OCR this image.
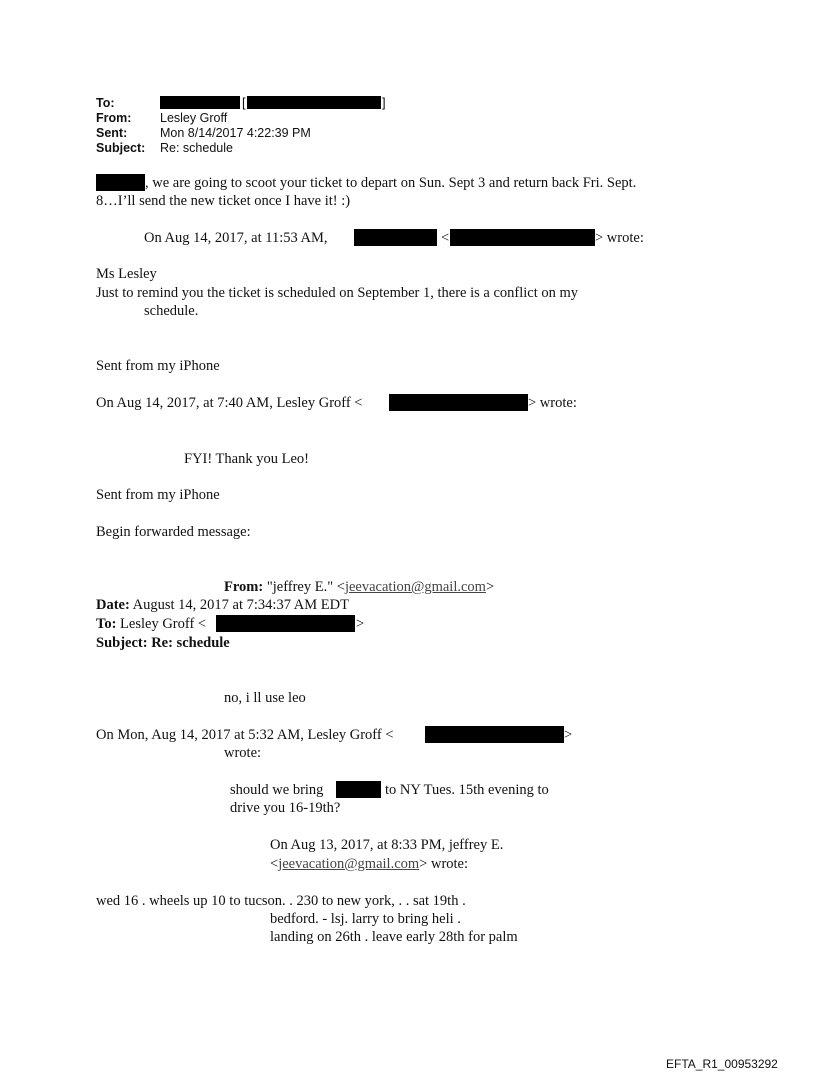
To:	[	]
From: Lesley Groff
Sent:	Mon 8/14/2017 4:22:39 PM
Subject: Re: schedule
, we are going to scoot your ticket to depart on Sun. Sept 3 and return back Fri. Sept.
8…I’ll send the new ticket once I have it! :)
On Aug 14, 2017, at 11:53 AM,	<	> wrote:
Ms Lesley
Just to remind you the ticket is scheduled on September 1, there is a conflict on my
schedule.
Sent from my iPhone
On Aug 14, 2017, at 7:40 AM, Lesley Groff <	> wrote:
FYI! Thank you Leo!
Sent from my iPhone
Begin forwarded message:
From: "jeffrey E." <jeevacation@gmail.com>
Date: August 14, 2017 at 7:34:37 AM EDT
To: Lesley Groff <	>
Subject: Re: schedule
no, i ll use leo
On Mon, Aug 14, 2017 at 5:32 AM, Lesley Groff <	>
wrote:
should we bring	to NY Tues. 15th evening to
drive you 16-19th?
On Aug 13, 2017, at 8:33 PM, jeffrey E.
<jeevacation@gmail.com> wrote:
wed 16 . wheels up 10 to tucson. . 230 to new york, . . sat 19th .
bedford. - lsj. larry to bring heli .
landing on 26th . leave early 28th for palm
EFTA_R1_00953292
